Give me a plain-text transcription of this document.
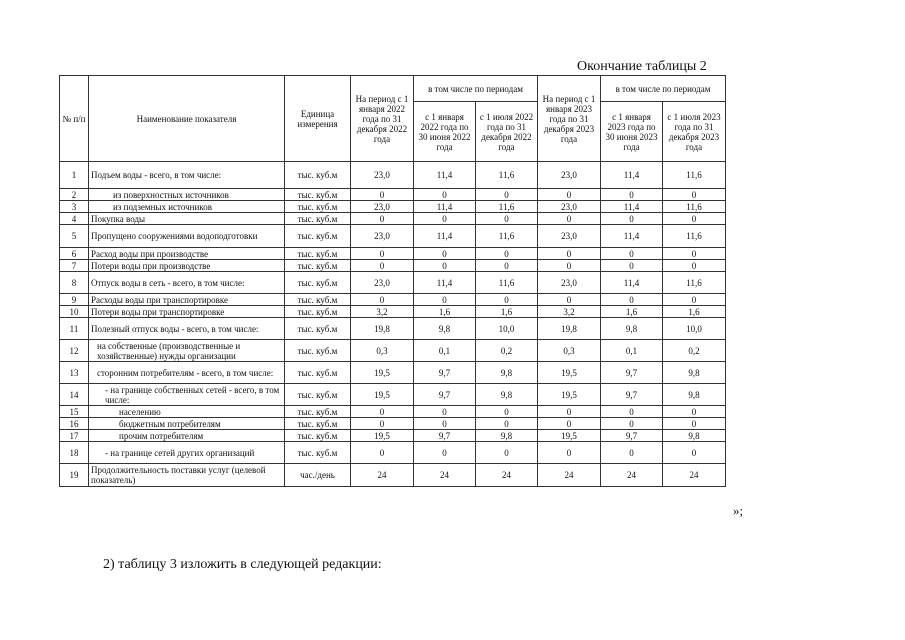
Окончание таблицы 2
№ п/п	Наименование показателя	Единица измерения	На период с 1 января 2022 года по 31 декабря 2022 года	в том числе по периодам		На период с 1 января 2023 года по 31 декабря 2023 года	в том числе по периодам	
				с 1 января 2022 года по 30 июня 2022 года	с 1 июля 2022 года по 31 декабря 2022 года		с 1 января 2023 года по 30 июня 2023 года	с 1 июля 2023 года по 31 декабря 2023 года
1	Подъем воды - всего, в том числе:	тыс. куб.м	23,0	11,4	11,6	23,0	11,4	11,6
2	из поверхностных источников	тыс. куб.м	0	0	0	0	0	0
3	из подземных источников	тыс. куб.м	23,0	11,4	11,6	23,0	11,4	11,6
4	Покупка воды	тыс. куб.м	0	0	0	0	0	0
5	Пропущено сооружениями водоподготовки	тыс. куб.м	23,0	11,4	11,6	23,0	11,4	11,6
6	Расход воды при производстве	тыс. куб.м	0	0	0	0	0	0
7	Потери воды при производстве	тыс. куб.м	0	0	0	0	0	0
8	Отпуск воды в сеть - всего, в том числе:	тыс. куб.м	23,0	11,4	11,6	23,0	11,4	11,6
9	Расходы воды при транспортировке	тыс. куб.м	0	0	0	0	0	0
10	Потери воды при транспортировке	тыс. куб.м	3,2	1,6	1,6	3,2	1,6	1,6
11	Полезный отпуск воды - всего, в том числе:	тыс. куб.м	19,8	9,8	10,0	19,8	9,8	10,0
12	на собственные (производственные и хозяйственные) нужды организации	тыс. куб.м	0,3	0,1	0,2	0,3	0,1	0,2
13	сторонним потребителям - всего, в том числе:	тыс. куб.м	19,5	9,7	9,8	19,5	9,7	9,8
14	- на границе собственных сетей - всего, в том числе:	тыс. куб.м	19,5	9,7	9,8	19,5	9,7	9,8
15	населению	тыс. куб.м	0	0	0	0	0	0
16	бюджетным потребителям	тыс. куб.м	0	0	0	0	0	0
17	прочим потребителям	тыс. куб.м	19,5	9,7	9,8	19,5	9,7	9,8
18	- на границе сетей других организаций	тыс. куб.м	0	0	0	0	0	0
19	Продолжительность поставки услуг (целевой показатель)	час./день	24	24	24	24	24	24
»;
2) таблицу 3 изложить в следующей редакции:
